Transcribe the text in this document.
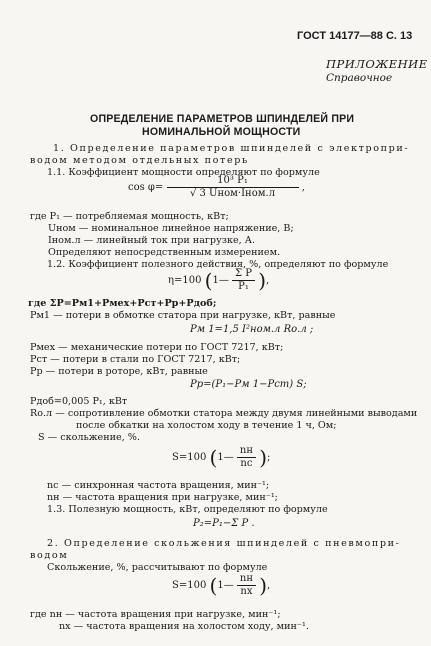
ГОСТ 14177—88 С. 13
ПРИЛОЖЕНИЕ
Справочное
ОПРЕДЕЛЕНИЕ ПАРАМЕТРОВ ШПИНДЕЛЕЙ ПРИ
НОМИНАЛЬНОЙ МОЩНОСТИ
1. Определение параметров шпинделей с электропри-
водом методом отдельных потерь
1.1. Коэффициент мощности определяют по формуле
$\cos \varphi= \frac{\text{10³ P₁}}{\text{√ 3 Uном·Iном.л}}$ ,
где P₁ — потребляемая мощность, кВт;
Uном — номинальное линейное напряжение, В;
Iном.л — линейный ток при нагрузке, А.
Определяют непосредственным измерением.
1.2. Коэффициент полезного действия, %, определяют по формуле
η=100 (1— $\frac{\text{Σ P}}{\text{P₁}}$ ),
где ΣP=Pм1+Pмех+Pст+Pр+Pдоб;
Pм1 — потери в обмотке статора при нагрузке, кВт, равные
Pм 1=1,5 I²ном.л Rо.л ;
Pмех — механические потери по ГОСТ 7217, кВт;
Pст — потери в стали по ГОСТ 7217, кВт;
Pр — потери в роторе, кВт, равные
Pр=(P₁−Pм 1−Pст) S;
Pдоб=0,005 P₁, кВт
Rо.л — сопротивление обмотки статора между двумя линейными выводами
после обкатки на холостом ходу в течение 1 ч, Ом;
S — скольжение, %.
S=100 (1— $\frac{nн}{nс}$ );
nс — синхронная частота вращения, мин⁻¹;
nн — частота вращения при нагрузке, мин⁻¹;
1.3. Полезную мощность, кВт, определяют по формуле
P₂=P₁−Σ P .
2. Определение скольжения шпинделей с пневмопри-
водом
Скольжение, %, рассчитывают по формуле
S=100 (1— $\frac{nн}{nх}$ ),
где nн — частота вращения при нагрузке, мин⁻¹;
nх — частота вращения на холостом ходу, мин⁻¹.
